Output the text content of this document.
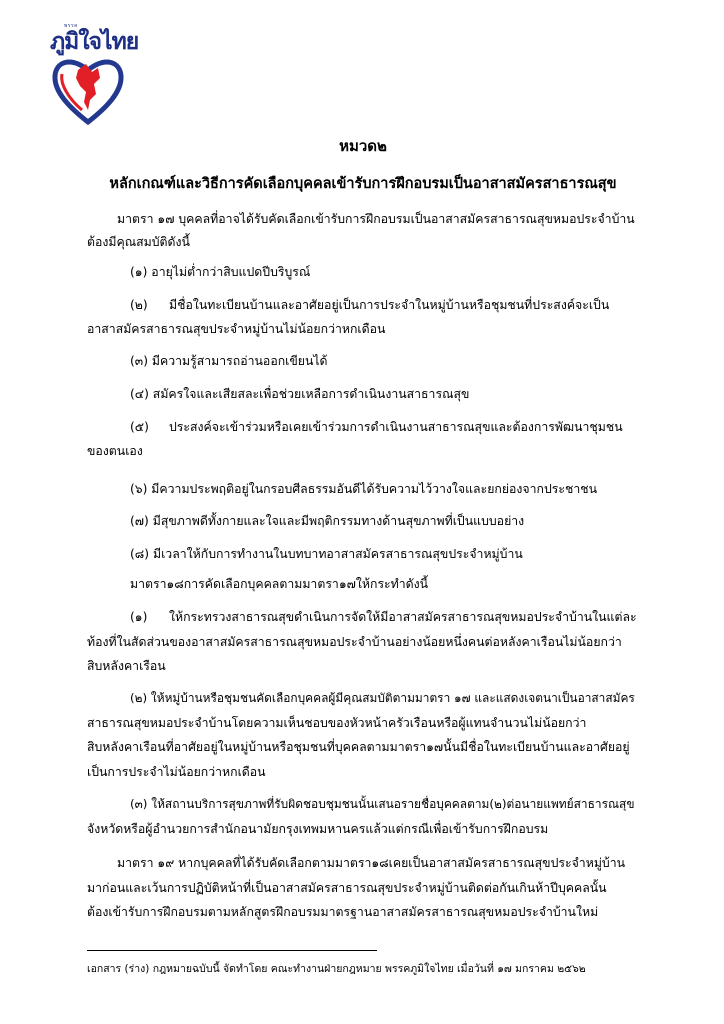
พรรค
ภูมิใจไทย
หมวด๒
หลักเกณฑ์และวิธีการคัดเลือกบุคคลเข้ารับการฝึกอบรมเป็นอาสาสมัครสาธารณสุข
มาตรา ๑๗ บุคคลที่อาจได้รับคัดเลือกเข้ารับการฝึกอบรมเป็นอาสาสมัครสาธารณสุขหมอประจำบ้าน
ต้องมีคุณสมบัติดังนี้
(๑) อายุไม่ต่ำกว่าสิบแปดปีบริบูรณ์
(๒) มีชื่อในทะเบียนบ้านและอาศัยอยู่เป็นการประจำในหมู่บ้านหรือชุมชนที่ประสงค์จะเป็น
อาสาสมัครสาธารณสุขประจำหมู่บ้านไม่น้อยกว่าหกเดือน
(๓) มีความรู้สามารถอ่านออกเขียนได้
(๔) สมัครใจและเสียสละเพื่อช่วยเหลือการดำเนินงานสาธารณสุข
(๕) ประสงค์จะเข้าร่วมหรือเคยเข้าร่วมการดำเนินงานสาธารณสุขและต้องการพัฒนาชุมชน
ของตนเอง
(๖) มีความประพฤติอยู่ในกรอบศีลธรรมอันดีได้รับความไว้วางใจและยกย่องจากประชาชน
(๗) มีสุขภาพดีทั้งกายและใจและมีพฤติกรรมทางด้านสุขภาพที่เป็นแบบอย่าง
(๘) มีเวลาให้กับการทำงานในบทบาทอาสาสมัครสาธารณสุขประจำหมู่บ้าน
มาตรา๑๘การคัดเลือกบุคคลตามมาตรา๑๗ให้กระทำดังนี้
(๑) ให้กระทรวงสาธารณสุขดำเนินการจัดให้มีอาสาสมัครสาธารณสุขหมอประจำบ้านในแต่ละ
ท้องที่ในสัดส่วนของอาสาสมัครสาธารณสุขหมอประจำบ้านอย่างน้อยหนึ่งคนต่อหลังคาเรือนไม่น้อยกว่า
สิบหลังคาเรือน
(๒) ให้หมู่บ้านหรือชุมชนคัดเลือกบุคคลผู้มีคุณสมบัติตามมาตรา ๑๗ และแสดงเจตนาเป็นอาสาสมัคร
สาธารณสุขหมอประจำบ้านโดยความเห็นชอบของหัวหน้าครัวเรือนหรือผู้แทนจำนวนไม่น้อยกว่า
สิบหลังคาเรือนที่อาศัยอยู่ในหมู่บ้านหรือชุมชนที่บุคคลตามมาตรา๑๗นั้นมีชื่อในทะเบียนบ้านและอาศัยอยู่
เป็นการประจำไม่น้อยกว่าหกเดือน
(๓) ให้สถานบริการสุขภาพที่รับผิดชอบชุมชนนั้นเสนอรายชื่อบุคคลตาม(๒)ต่อนายแพทย์สาธารณสุข
จังหวัดหรือผู้อำนวยการสำนักอนามัยกรุงเทพมหานครแล้วแต่กรณีเพื่อเข้ารับการฝึกอบรม
มาตรา ๑๙ หากบุคคลที่ได้รับคัดเลือกตามมาตรา๑๘เคยเป็นอาสาสมัครสาธารณสุขประจำหมู่บ้าน
มาก่อนและเว้นการปฏิบัติหน้าที่เป็นอาสาสมัครสาธารณสุขประจำหมู่บ้านติดต่อกันเกินห้าปีบุคคลนั้น
ต้องเข้ารับการฝึกอบรมตามหลักสูตรฝึกอบรมมาตรฐานอาสาสมัครสาธารณสุขหมอประจำบ้านใหม่
เอกสาร (ร่าง) กฎหมายฉบับนี้ จัดทำโดย คณะทำงานฝ่ายกฎหมาย พรรคภูมิใจไทย เมื่อวันที่ ๑๗ มกราคม ๒๕๖๒
